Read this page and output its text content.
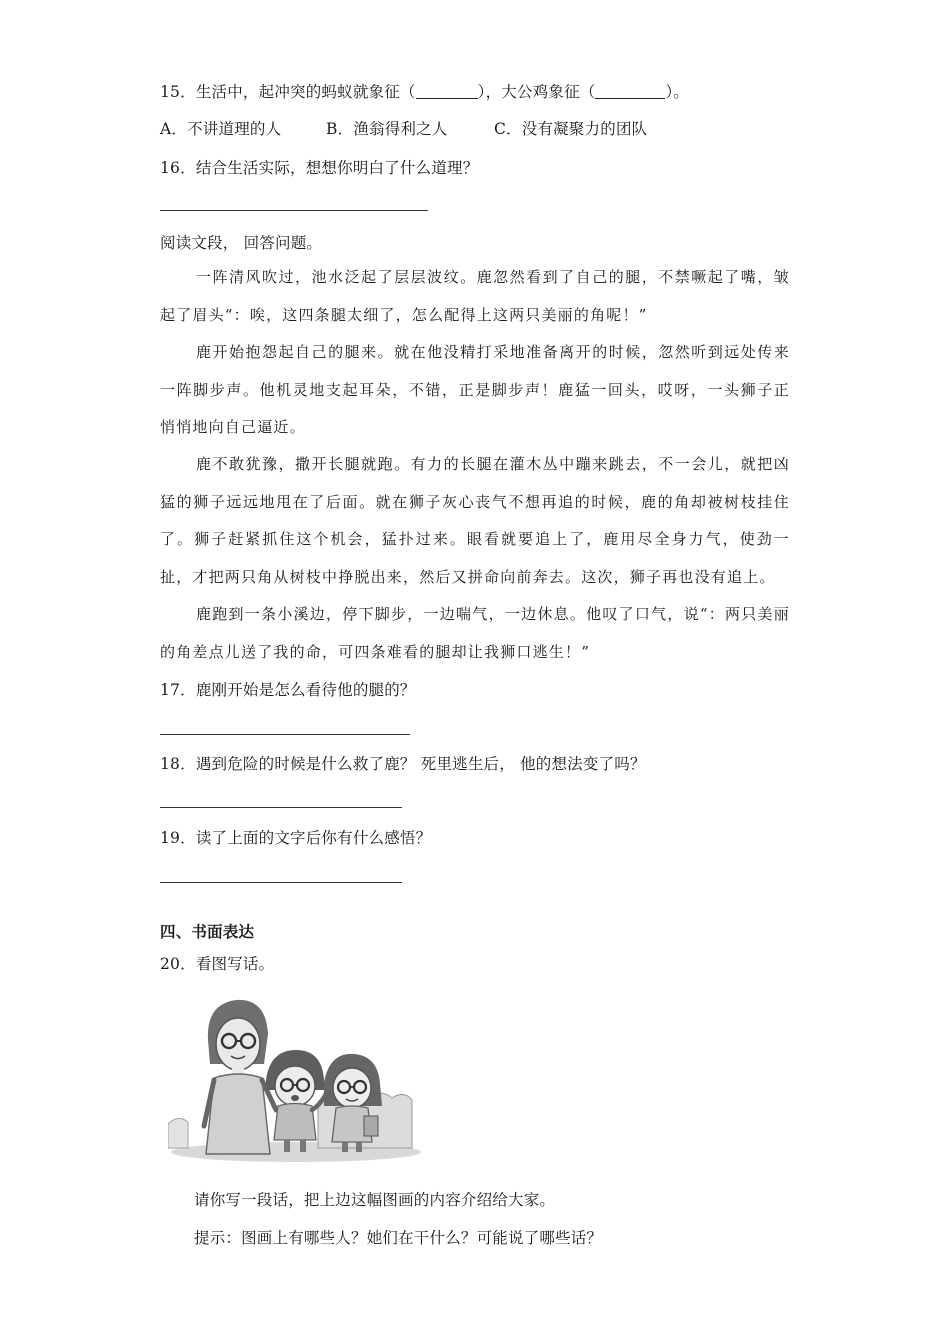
15．生活中，起冲突的蚂蚁就象征（	），大公鸡象征（	）。
A．不讲道理的人	B．渔翁得利之人	C．没有凝聚力的团队
16．结合生活实际，想想你明白了什么道理？
阅读文段， 回答问题。
一阵清风吹过，池水泛起了层层波纹。鹿忽然看到了自己的腿，不禁噘起了嘴，皱起了眉头“：唉，这四条腿太细了，怎么配得上这两只美丽的角呢！”
鹿开始抱怨起自己的腿来。就在他没精打采地准备离开的时候，忽然听到远处传来一阵脚步声。他机灵地支起耳朵，不错，正是脚步声！鹿猛一回头，哎呀，一头狮子正悄悄地向自己逼近。
鹿不敢犹豫，撒开长腿就跑。有力的长腿在灌木丛中蹦来跳去，不一会儿，就把凶猛的狮子远远地甩在了后面。就在狮子灰心丧气不想再追的时候，鹿的角却被树枝挂住了。狮子赶紧抓住这个机会，猛扑过来。眼看就要追上了，鹿用尽全身力气，使劲一扯，才把两只角从树枝中挣脱出来，然后又拼命向前奔去。这次，狮子再也没有追上。
鹿跑到一条小溪边，停下脚步，一边喘气，一边休息。他叹了口气，说“：两只美丽的角差点儿送了我的命，可四条难看的腿却让我狮口逃生！”
17．鹿刚开始是怎么看待他的腿的？
18．遇到危险的时候是什么救了鹿？ 死里逃生后， 他的想法变了吗？
19．读了上面的文字后你有什么感悟？
四、书面表达
20．看图写话。
请你写一段话，把上边这幅图画的内容介绍给大家。
提示：图画上有哪些人？她们在干什么？可能说了哪些话？
